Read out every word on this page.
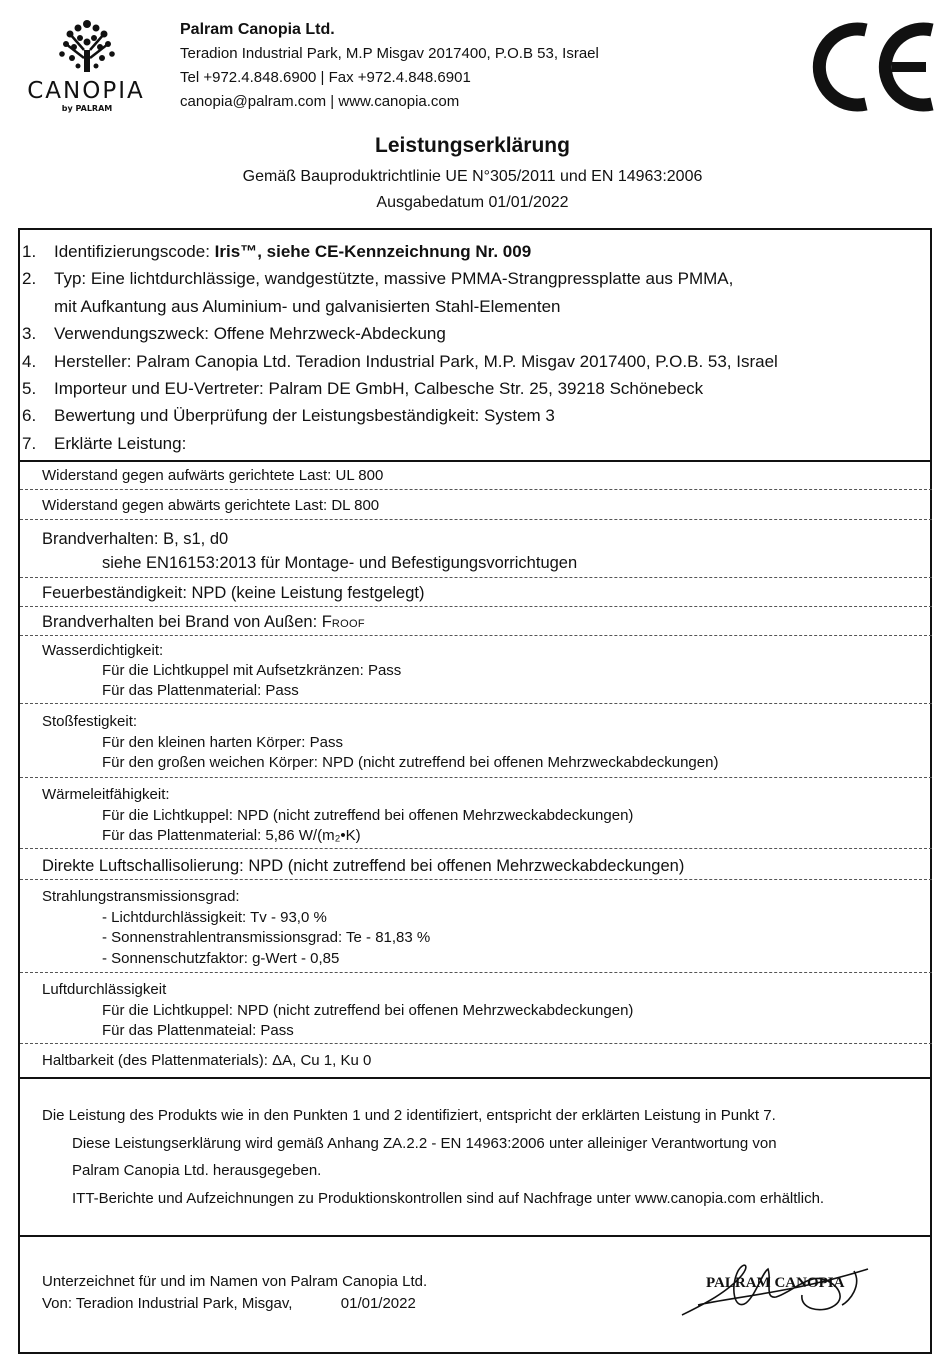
CANOPIA
by PALRAM
Palram Canopia Ltd.
Teradion Industrial Park, M.P Misgav 2017400, P.O.B 53, Israel
Tel +972.4.848.6900 | Fax +972.4.848.6901
canopia@palram.com | www.canopia.com
Leistungserklärung
Gemäß Bauproduktrichtlinie UE N°305/2011 und EN 14963:2006
Ausgabedatum 01/01/2022
1.	Identifizierungscode:
Iris™, siehe CE-Kennzeichnung Nr. 009
2.	Typ: Eine lichtdurchlässige, wandgestützte, massive PMMA-Strangpressplatte aus PMMA,
mit Aufkantung aus Aluminium- und galvanisierten Stahl-Elementen
3.	Verwendungszweck: Offene Mehrzweck-Abdeckung
4.	Hersteller: Palram Canopia Ltd. Teradion Industrial Park, M.P. Misgav 2017400, P.O.B. 53, Israel
5.	Importeur und EU-Vertreter: Palram DE GmbH, Calbesche Str. 25, 39218 Schönebeck
6.	Bewertung und Überprüfung der Leistungsbeständigkeit: System 3
7.	Erklärte Leistung:
Widerstand gegen aufwärts gerichtete Last: UL 800
Widerstand gegen abwärts gerichtete Last: DL 800
Brandverhalten: B, s1, d0
siehe EN16153:2013 für Montage- und Befestigungsvorrichtugen
Feuerbeständigkeit: NPD (keine Leistung festgelegt)
Brandverhalten bei Brand von Außen: FROOF
Wasserdichtigkeit:
Für die Lichtkuppel mit Aufsetzkränzen: Pass
Für das Plattenmaterial: Pass
Stoßfestigkeit:
Für den kleinen harten Körper: Pass
Für den großen weichen Körper: NPD (nicht zutreffend bei offenen Mehrzweckabdeckungen)
Wärmeleitfähigkeit:
Für die Lichtkuppel: NPD (nicht zutreffend bei offenen Mehrzweckabdeckungen)
Für das Plattenmaterial: 5,86 W/(m₂•K)
Direkte Luftschallisolierung: NPD (nicht zutreffend bei offenen Mehrzweckabdeckungen)
Strahlungstransmissionsgrad:
- Lichtdurchlässigkeit: Tv - 93,0 %
- Sonnenstrahlentransmissionsgrad: Te - 81,83 %
- Sonnenschutzfaktor: g-Wert - 0,85
Luftdurchlässigkeit
Für die Lichtkuppel: NPD (nicht zutreffend bei offenen Mehrzweckabdeckungen)
Für das Plattenmateial: Pass
Haltbarkeit (des Plattenmaterials): ΔA, Cu 1, Ku 0
Die Leistung des Produkts wie in den Punkten 1 und 2 identifiziert, entspricht der erklärten Leistung in Punkt 7.
Diese Leistungserklärung wird gemäß Anhang ZA.2.2 - EN 14963:2006 unter alleiniger Verantwortung von
Palram Canopia Ltd. herausgegeben.
ITT-Berichte und Aufzeichnungen zu Produktionskontrollen sind auf Nachfrage unter www.canopia.com erhältlich.
Unterzeichnet für und im Namen von Palram Canopia Ltd.
Von: Teradion Industrial Park, Misgav,	01/01/2022
PALRAM CANOPIA
